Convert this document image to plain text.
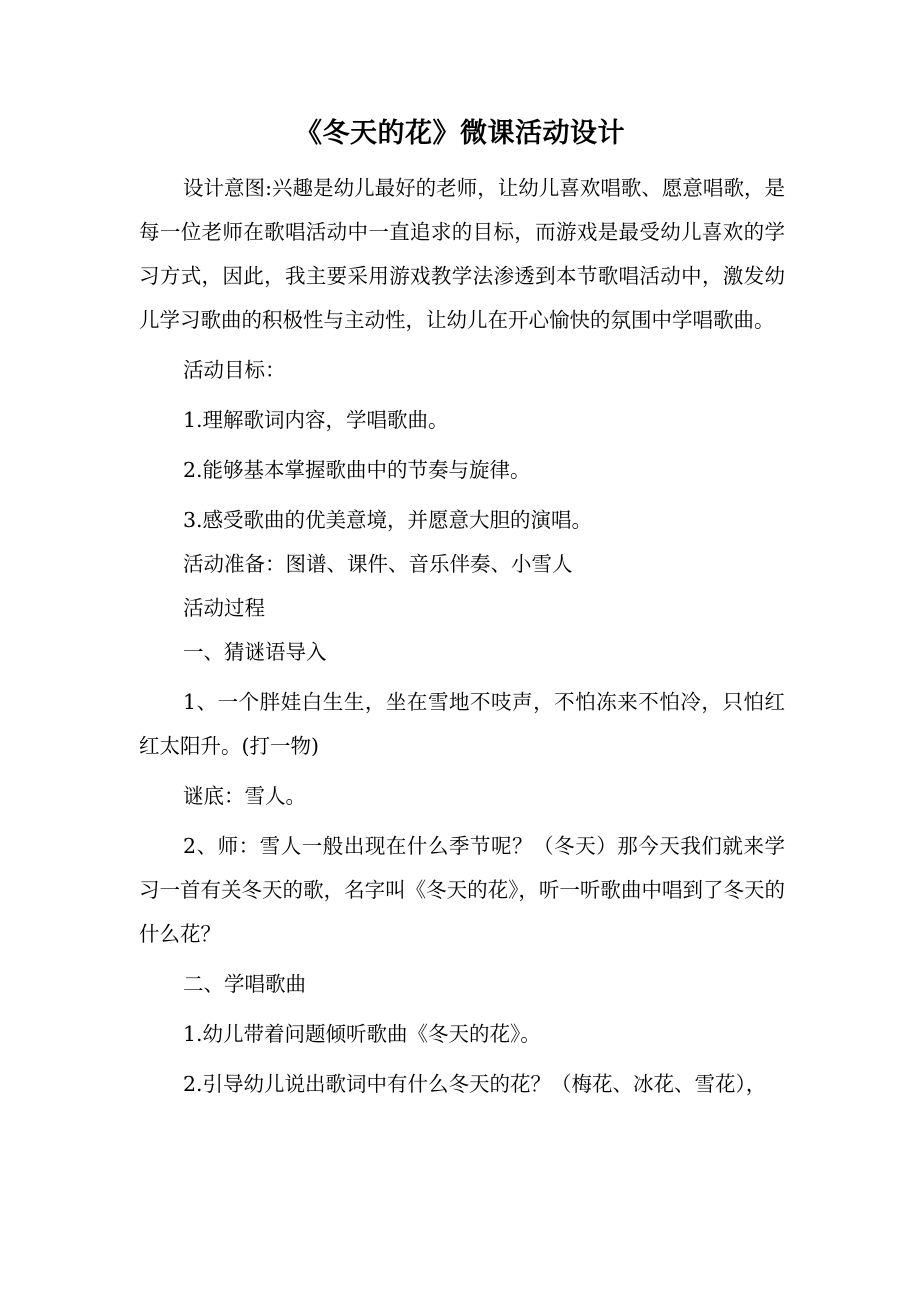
《冬天的花》微课活动设计

设计意图:兴趣是幼儿最好的老师，让幼儿喜欢唱歌、愿意唱歌，是每一位老师在歌唱活动中一直追求的目标，而游戏是最受幼儿喜欢的学习方式，因此，我主要采用游戏教学法渗透到本节歌唱活动中，激发幼儿学习歌曲的积极性与主动性，让幼儿在开心愉快的氛围中学唱歌曲。

活动目标：

1.理解歌词内容，学唱歌曲。

2.能够基本掌握歌曲中的节奏与旋律。

3.感受歌曲的优美意境，并愿意大胆的演唱。

活动准备：图谱、课件、音乐伴奏、小雪人

活动过程

一、猜谜语导入

1、一个胖娃白生生，坐在雪地不吱声，不怕冻来不怕冷，只怕红红太阳升。(打一物)

谜底：雪人。

2、师：雪人一般出现在什么季节呢？（冬天）那今天我们就来学习一首有关冬天的歌，名字叫《冬天的花》，听一听歌曲中唱到了冬天的什么花？

二、学唱歌曲

1.幼儿带着问题倾听歌曲《冬天的花》。

2.引导幼儿说出歌词中有什么冬天的花？（梅花、冰花、雪花），
